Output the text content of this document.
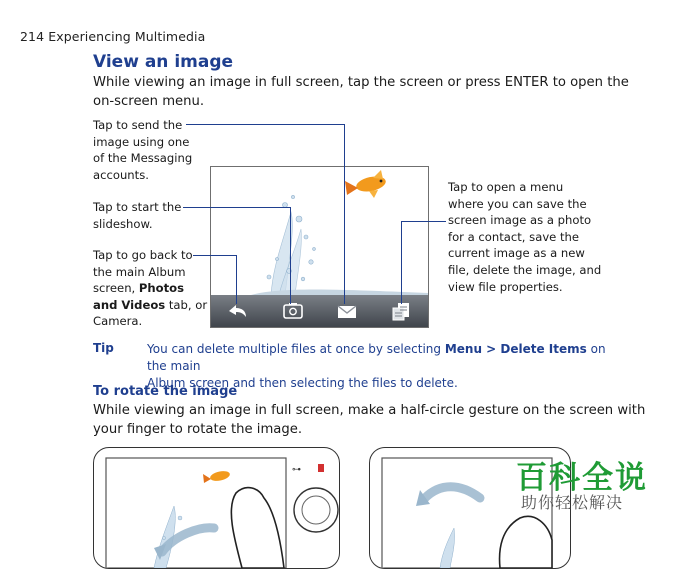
214 Experiencing Multimedia
View an image
While viewing an image in full screen, tap the screen or press ENTER to open the on-screen menu.
Tap to send the
image using one
of the Messaging
accounts.
Tap to start the
slideshow.
Tap to go back to
the main Album
screen, Photos
and Videos tab, or
Camera.
Tap to open a menu
where you can save the
screen image as a photo
for a contact, save the
current image as a new
file, delete the image, and
view file properties.
Tip	You can delete multiple files at once by selecting Menu > Delete Items on the main
Album screen and then selecting the files to delete.
To rotate the image
While viewing an image in full screen, make a half-circle gesture on the screen with your finger to rotate the image.
⊶	百科全说
助你轻松解决
